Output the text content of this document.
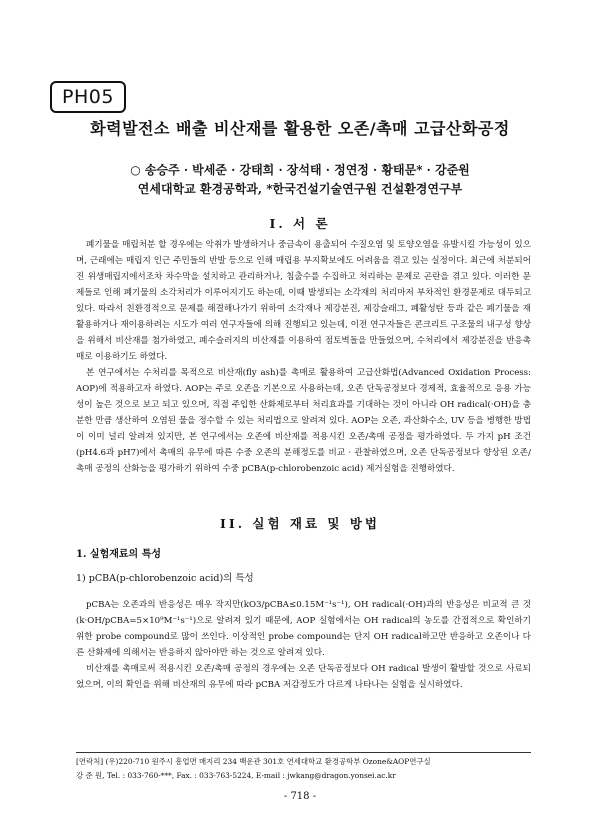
PH05
화력발전소 배출 비산재를 활용한 오존/촉매 고급산화공정
○ 송승주 · 박세준 · 강태희 · 장석태 · 정연정 · 황태문* · 강준원
연세대학교 환경공학과, *한국건설기술연구원 건설환경연구부
I. 서 론

폐기물을 매립처분 할 경우에는 악취가 발생하거나 중금속이 용출되어 수질오염 및 토양오염을 유발시킬 가능성이 있으며, 근래에는 매립지 인근 주민들의 반발 등으로 인해 매립용 부지확보에도 어려움을 겪고 있는 실정이다. 최근에 처분되어진 위생매립지에서조차 차수막을 설치하고 관리하거나, 침출수를 수집하고 처리하는 문제로 곤란을 겪고 있다. 이러한 문제들로 인해 폐기물의 소각처리가 이루어지기도 하는데, 이때 발생되는 소각재의 처리마저 부차적인 환경문제로 대두되고 있다. 따라서 친환경적으로 문제를 해결해나가기 위하여 소각재나 제강분진, 제강슬래그, 폐활성탄 등과 같은 폐기물을 재활용하거나 재이용하려는 시도가 여러 연구자들에 의해 진행되고 있는데, 이전 연구자들은 콘크리트 구조물의 내구성 향상을 위해서 비산재를 첨가하였고, 폐수슬러지의 비산재를 이용하여 점토벽돌을 만들었으며, 수처리에서 제강분진을 반응촉매로 이용하기도 하였다.

본 연구에서는 수처리를 목적으로 비산재(fly ash)를 촉매로 활용하여 고급산화법(Advanced Oxidation Process: AOP)에 적용하고자 하였다. AOP는 주로 오존을 기본으로 사용하는데, 오존 단독공정보다 경제적, 효율적으로 응용 가능성이 높은 것으로 보고 되고 있으며, 직접 주입한 산화제로부터 처리효과를 기대하는 것이 아니라 OH radical(·OH)을 충분한 만큼 생산하여 오염된 물을 정수할 수 있는 처리법으로 알려져 있다. AOP는 오존, 과산화수소, UV 등을 병행한 방법이 이미 널리 알려져 있지만, 본 연구에서는 오존에 비산재를 적용시킨 오존/촉매 공정을 평가하였다. 두 가지 pH 조건(pH4.6과 pH7)에서 촉매의 유무에 따른 수중 오존의 분해정도를 비교 · 관찰하였으며, 오존 단독공정보다 향상된 오존/촉매 공정의 산화능을 평가하기 위하여 수중 pCBA(p-chlorobenzoic acid) 제거실험을 진행하였다.

II. 실험 재료 및 방법
1. 실험재료의 특성
1) pCBA(p-chlorobenzoic acid)의 특성

pCBA는 오존과의 반응성은 매우 작지만(kO3/pCBA≤0.15M⁻¹s⁻¹), OH radical(·OH)과의 반응성은 비교적 큰 것(k·OH/pCBA=5×10⁹M⁻¹s⁻¹)으로 알려져 있기 때문에, AOP 실험에서는 OH radical의 농도를 간접적으로 확인하기 위한 probe compound로 많이 쓰인다. 이상적인 probe compound는 단지 OH radical하고만 반응하고 오존이나 다른 산화제에 의해서는 반응하지 않아야만 하는 것으로 알려져 있다.

비산재를 촉매로써 적용시킨 오존/촉매 공정의 경우에는 오존 단독공정보다 OH radical 발생이 활발할 것으로 사료되었으며, 이의 확인을 위해 비산재의 유무에 따라 pCBA 저감정도가 다르게 나타나는 실험을 실시하였다.

[연락처] (우)220-710 원주시 흥업면 매지리 234 백운관 301호 연세대학교 환경공학부 Ozone&AOP연구실
강 준 원, Tel. : 033-760-***, Fax. : 033-763-5224, E-mail : jwkang@dragon.yonsei.ac.kr
- 718 -
